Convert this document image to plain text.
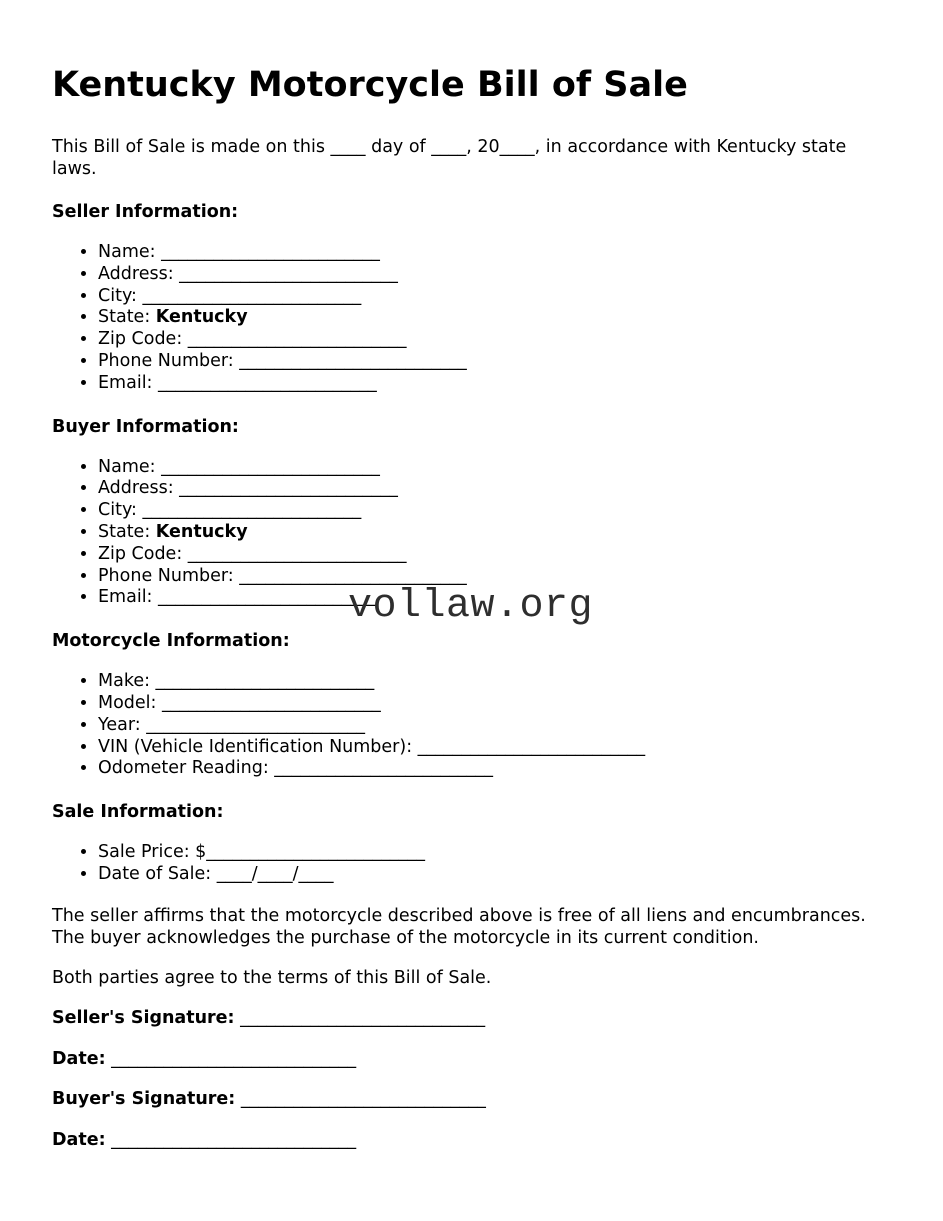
Kentucky Motorcycle Bill of Sale

This Bill of Sale is made on this ____ day of ____, 20____, in accordance with Kentucky state laws.

Seller Information:
• Name: _________________________
• Address: _________________________
• City: _________________________
• State: Kentucky
• Zip Code: _________________________
• Phone Number: __________________________
• Email: _________________________
Buyer Information:
• Name: _________________________
• Address: _________________________
• City: _________________________
• State: Kentucky
• Zip Code: _________________________
• Phone Number: __________________________
• Email: _________________________
Motorcycle Information:
• Make: _________________________
• Model: _________________________
• Year: _________________________
• VIN (Vehicle Identification Number): __________________________
• Odometer Reading: _________________________
Sale Information:
• Sale Price: $_________________________
• Date of Sale: ____/____/____

The seller affirms that the motorcycle described above is free of all liens and encumbrances. The buyer acknowledges the purchase of the motorcycle in its current condition.

Both parties agree to the terms of this Bill of Sale.

Seller's Signature: ____________________________

Date: ____________________________

Buyer's Signature: ____________________________

Date: ____________________________

vollaw.org
